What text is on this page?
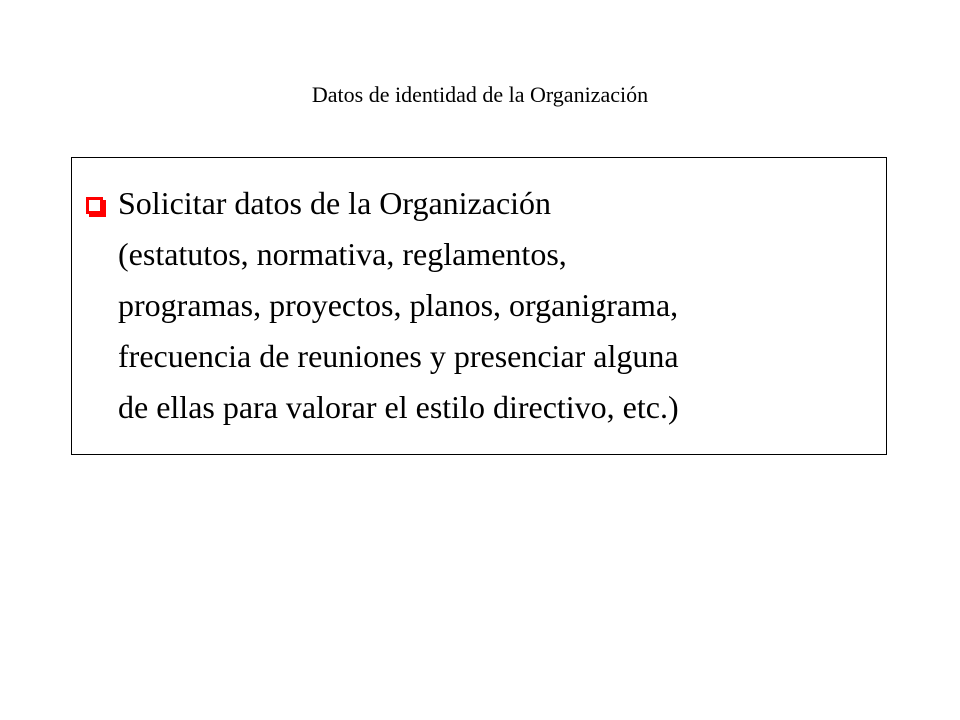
Datos de identidad de la Organización
Solicitar datos de la Organización
(estatutos, normativa, reglamentos,
programas, proyectos, planos, organigrama,
frecuencia de reuniones y presenciar alguna
de ellas para valorar el estilo directivo, etc.)
